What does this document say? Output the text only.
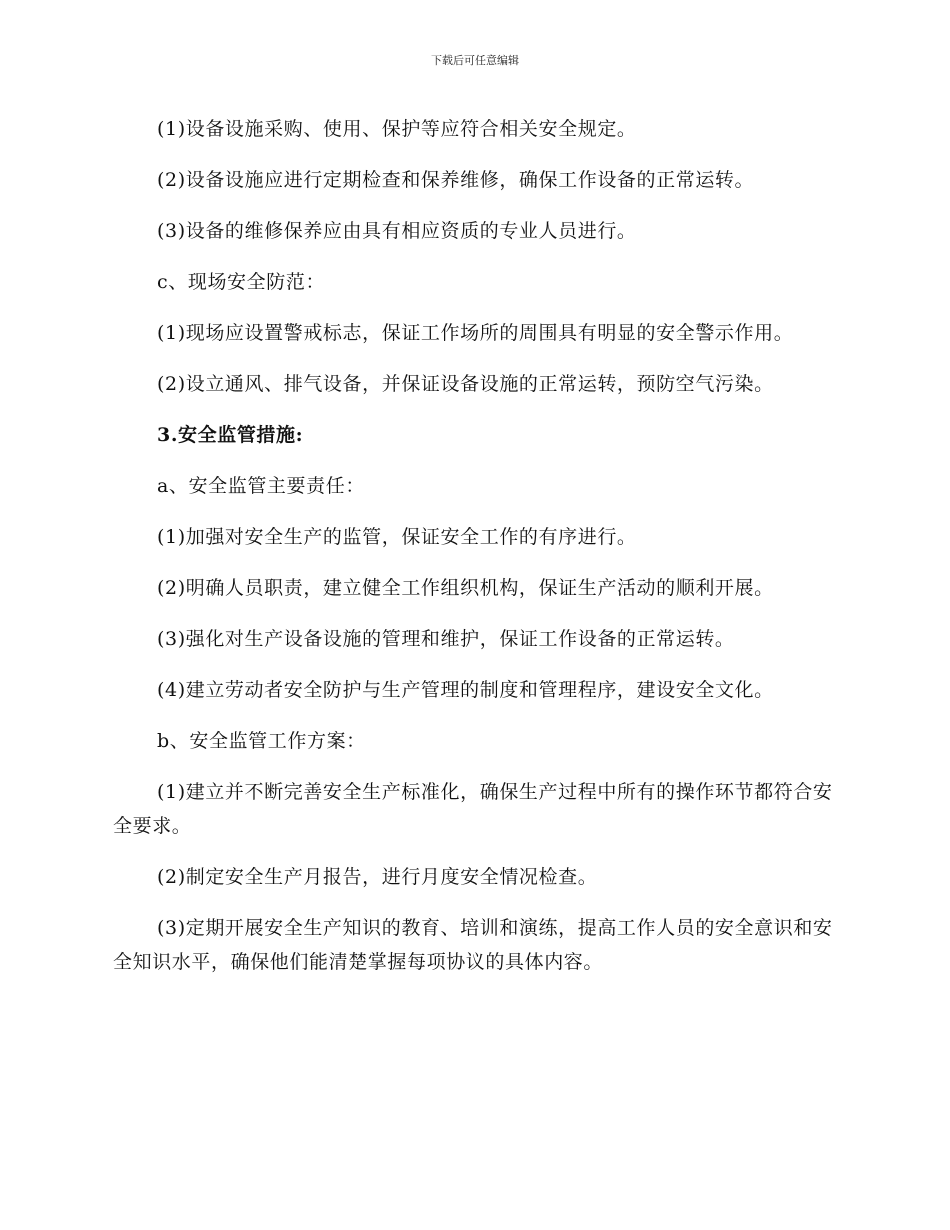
下载后可任意编辑

(1)设备设施采购、使用、保护等应符合相关安全规定。

(2)设备设施应进行定期检查和保养维修，确保工作设备的正常运转。

(3)设备的维修保养应由具有相应资质的专业人员进行。

c、现场安全防范：

(1)现场应设置警戒标志，保证工作场所的周围具有明显的安全警示作用。

(2)设立通风、排气设备，并保证设备设施的正常运转，预防空气污染。

3.安全监管措施:

a、安全监管主要责任：

(1)加强对安全生产的监管，保证安全工作的有序进行。

(2)明确人员职责，建立健全工作组织机构，保证生产活动的顺利开展。

(3)强化对生产设备设施的管理和维护，保证工作设备的正常运转。

(4)建立劳动者安全防护与生产管理的制度和管理程序，建设安全文化。

b、安全监管工作方案：

(1)建立并不断完善安全生产标准化，确保生产过程中所有的操作环节都符合安全要求。

(2)制定安全生产月报告，进行月度安全情况检查。

(3)定期开展安全生产知识的教育、培训和演练，提高工作人员的安全意识和安全知识水平，确保他们能清楚掌握每项协议的具体内容。
